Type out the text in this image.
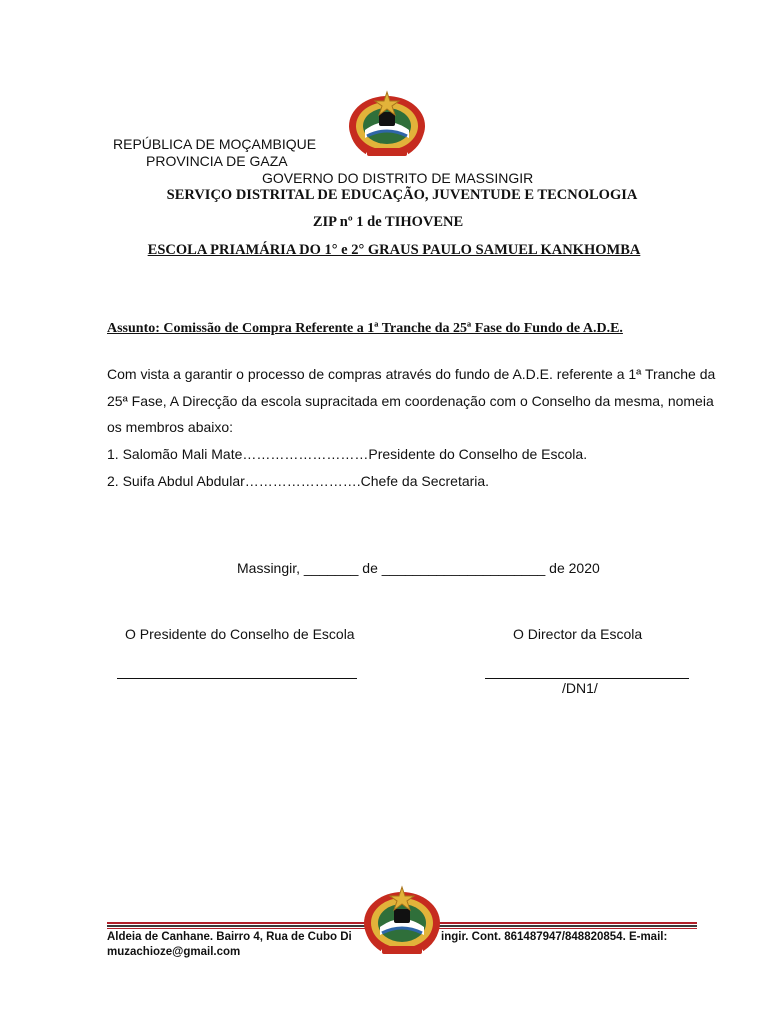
REPÚBLICA DE MOÇAMBIQUE
PROVINCIA DE GAZA
GOVERNO DO DISTRITO DE MASSINGIR
SERVIÇO DISTRITAL DE EDUCAÇÃO, JUVENTUDE E TECNOLOGIA
ZIP nº 1 de TIHOVENE
ESCOLA PRIAMÁRIA DO 1° e 2° GRAUS PAULO SAMUEL KANKHOMBA
Assunto: Comissão de Compra Referente a 1ª Tranche da 25ª Fase do Fundo de A.D.E.
Com vista a garantir o processo de compras através do fundo de A.D.E. referente a 1ª Tranche da
25ª Fase, A Direcção da escola supracitada em coordenação com o Conselho da mesma, nomeia
os membros abaixo:
1. Salomão Mali Mate………………………Presidente do Conselho de Escola.
2. Suifa Abdul Abdular…………………….Chefe da Secretaria.
Massingir, _______ de _____________________ de 2020
O Presidente do Conselho de Escola	O Director da Escola
/DN1/
Aldeia de Canhane. Bairro 4, Rua de Cubo Di	ingir. Cont. 861487947/848820854. E-mail:
muzachioze@gmail.com
